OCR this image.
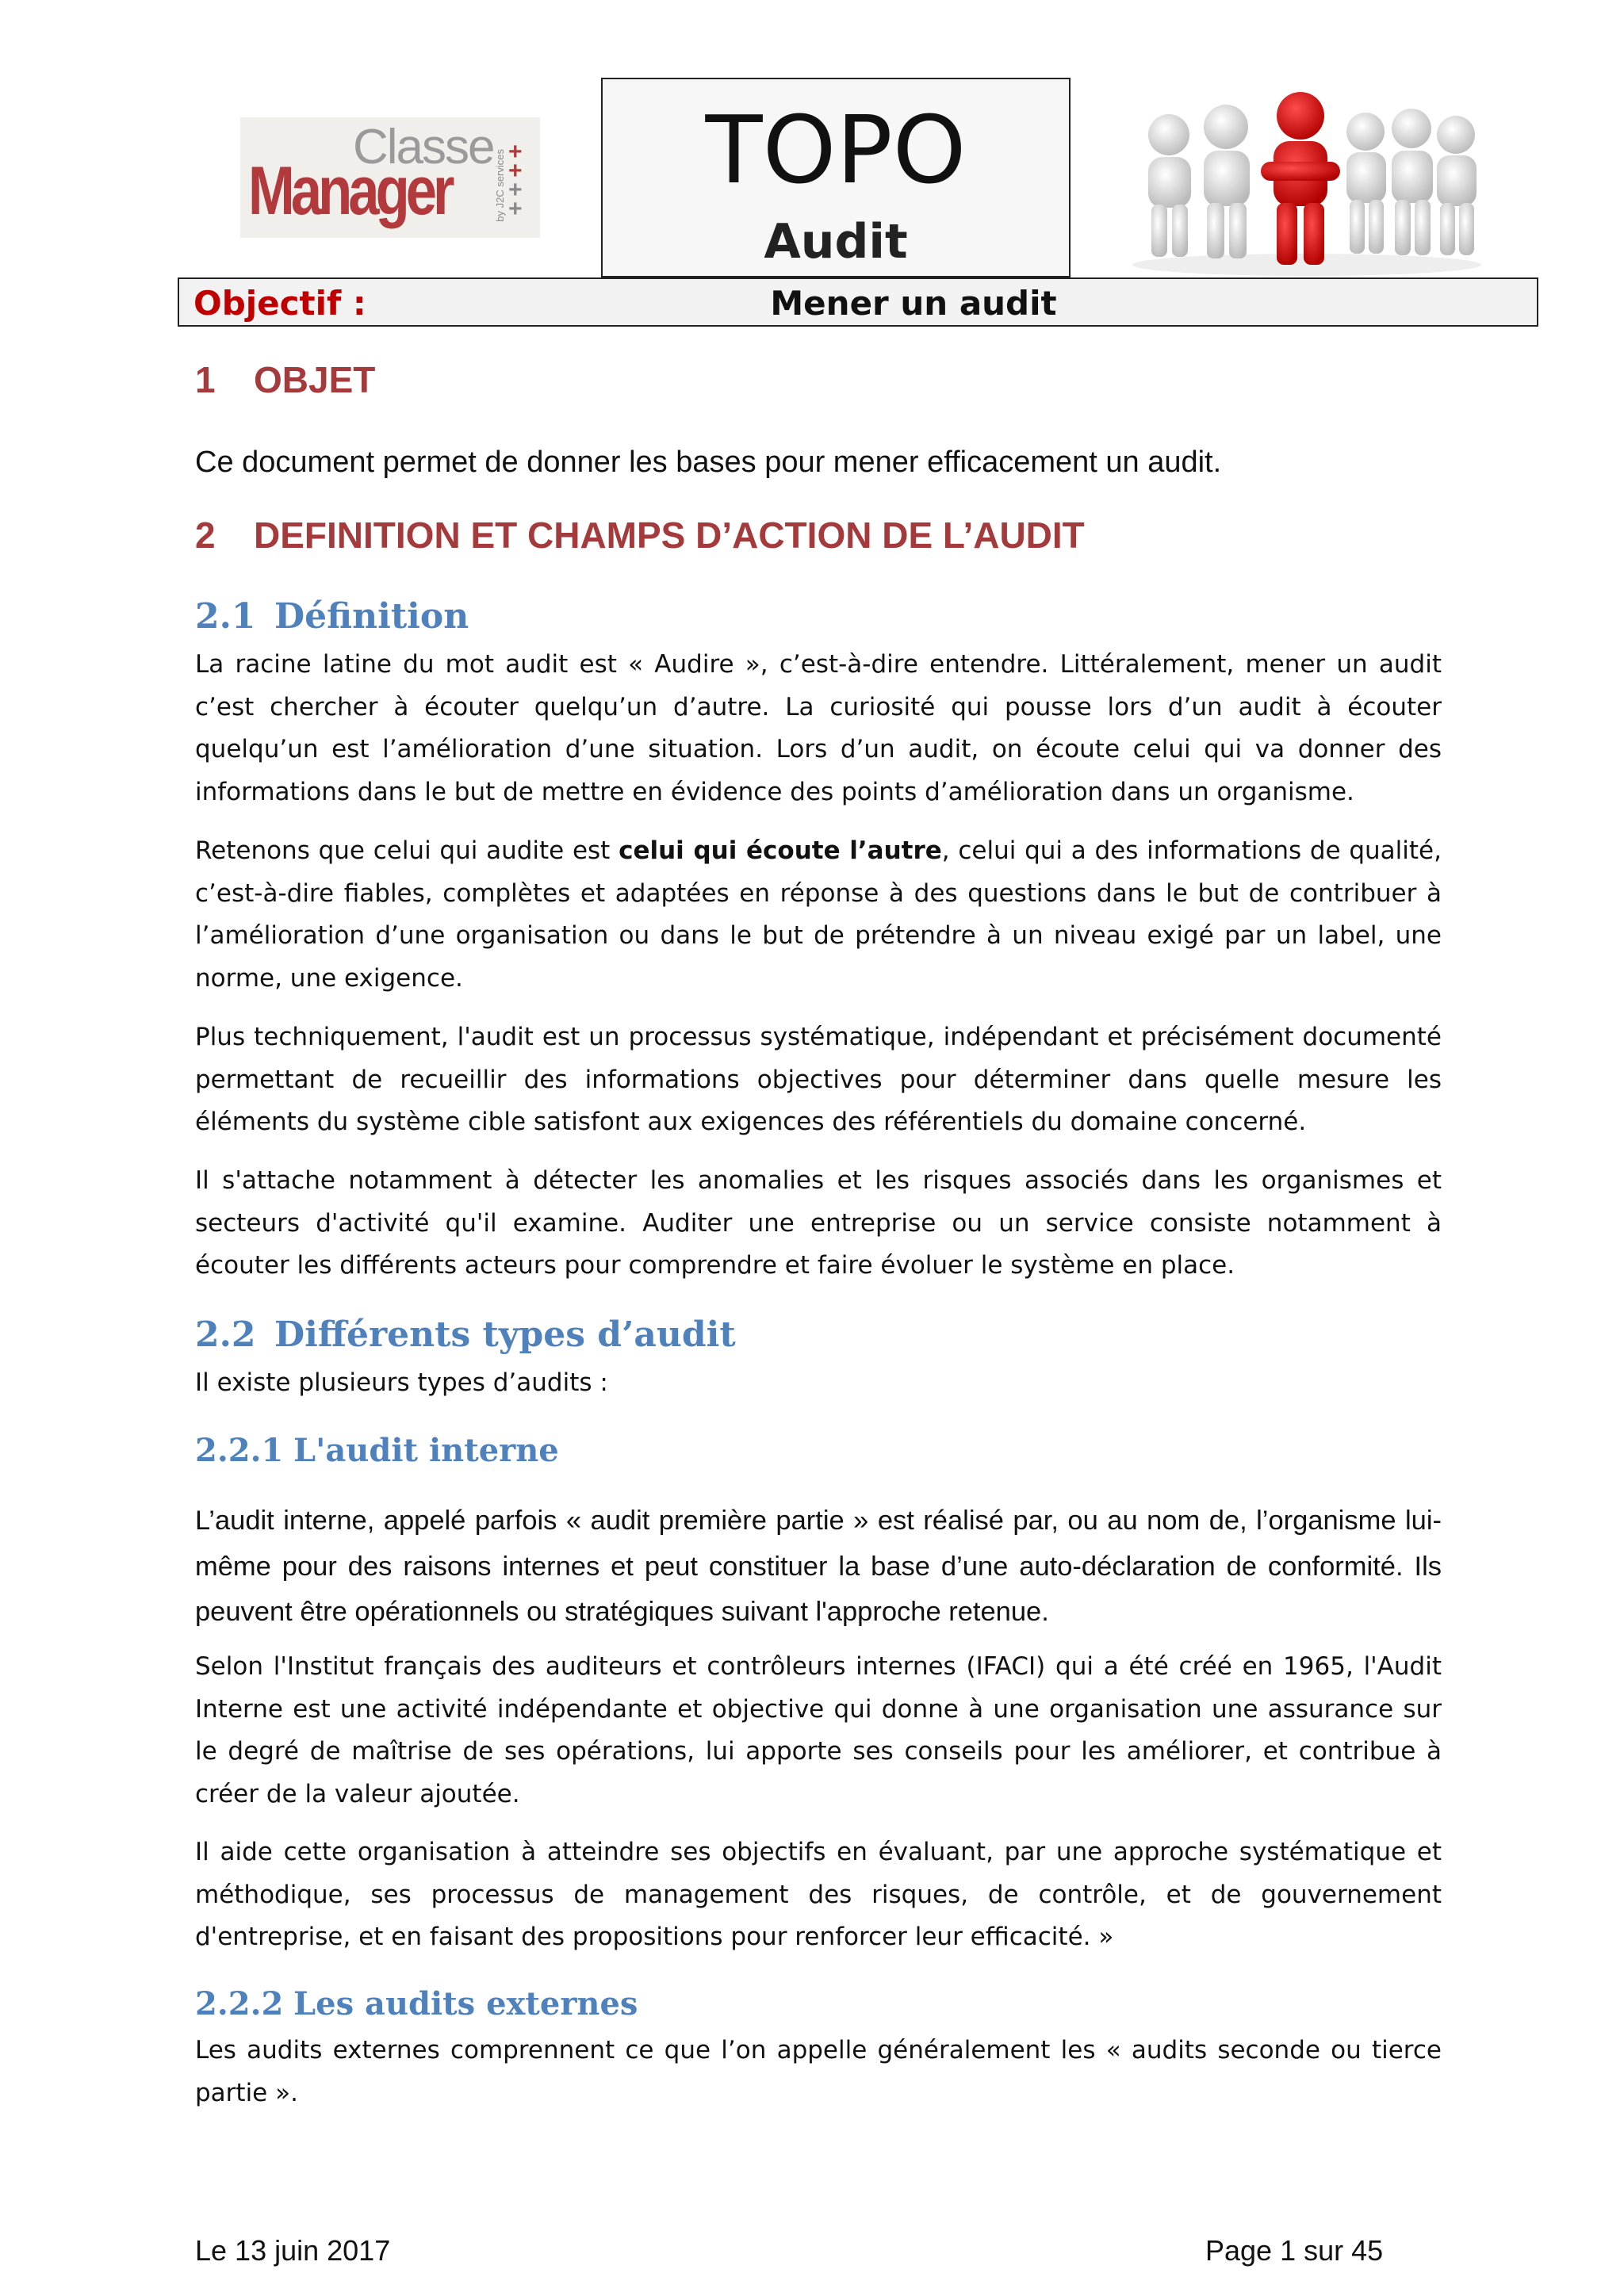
Classe
Manager	by J2C services +
+
+
+
TOPO
Audit
Objectif :	Mener un audit
1 OBJET
Ce document permet de donner les bases pour mener efficacement un audit.
2 DEFINITION ET CHAMPS D’ACTION DE L’AUDIT
2.1 Définition

La racine latine du mot audit est « Audire », c’est-à-dire entendre. Littéralement, mener un audit c’est chercher à écouter quelqu’un d’autre. La curiosité qui pousse lors d’un audit à écouter quelqu’un est l’amélioration d’une situation. Lors d’un audit, on écoute celui qui va donner des informations dans le but de mettre en évidence des points d’amélioration dans un organisme.

Retenons que celui qui audite est celui qui écoute l’autre, celui qui a des informations de qualité, c’est-à-dire fiables, complètes et adaptées en réponse à des questions dans le but de contribuer à l’amélioration d’une organisation ou dans le but de prétendre à un niveau exigé par un label, une norme, une exigence.

Plus techniquement, l'audit est un processus systématique, indépendant et précisément documenté permettant de recueillir des informations objectives pour déterminer dans quelle mesure les éléments du système cible satisfont aux exigences des référentiels du domaine concerné.

Il s'attache notamment à détecter les anomalies et les risques associés dans les organismes et secteurs d'activité qu'il examine. Auditer une entreprise ou un service consiste notamment à écouter les différents acteurs pour comprendre et faire évoluer le système en place.

2.2 Différents types d’audit

Il existe plusieurs types d’audits :

2.2.1 L'audit interne

L’audit interne, appelé parfois « audit première partie » est réalisé par, ou au nom de, l’organisme lui-même pour des raisons internes et peut constituer la base d’une auto-déclaration de conformité. Ils peuvent être opérationnels ou stratégiques suivant l'approche retenue.

Selon l'Institut français des auditeurs et contrôleurs internes (IFACI) qui a été créé en 1965, l'Audit Interne est une activité indépendante et objective qui donne à une organisation une assurance sur le degré de maîtrise de ses opérations, lui apporte ses conseils pour les améliorer, et contribue à créer de la valeur ajoutée.

Il aide cette organisation à atteindre ses objectifs en évaluant, par une approche systématique et méthodique, ses processus de management des risques, de contrôle, et de gouvernement d'entreprise, et en faisant des propositions pour renforcer leur efficacité. »

2.2.2 Les audits externes

Les audits externes comprennent ce que l’on appelle généralement les « audits seconde ou tierce partie ».

Le 13 juin 2017	Page 1 sur 45
